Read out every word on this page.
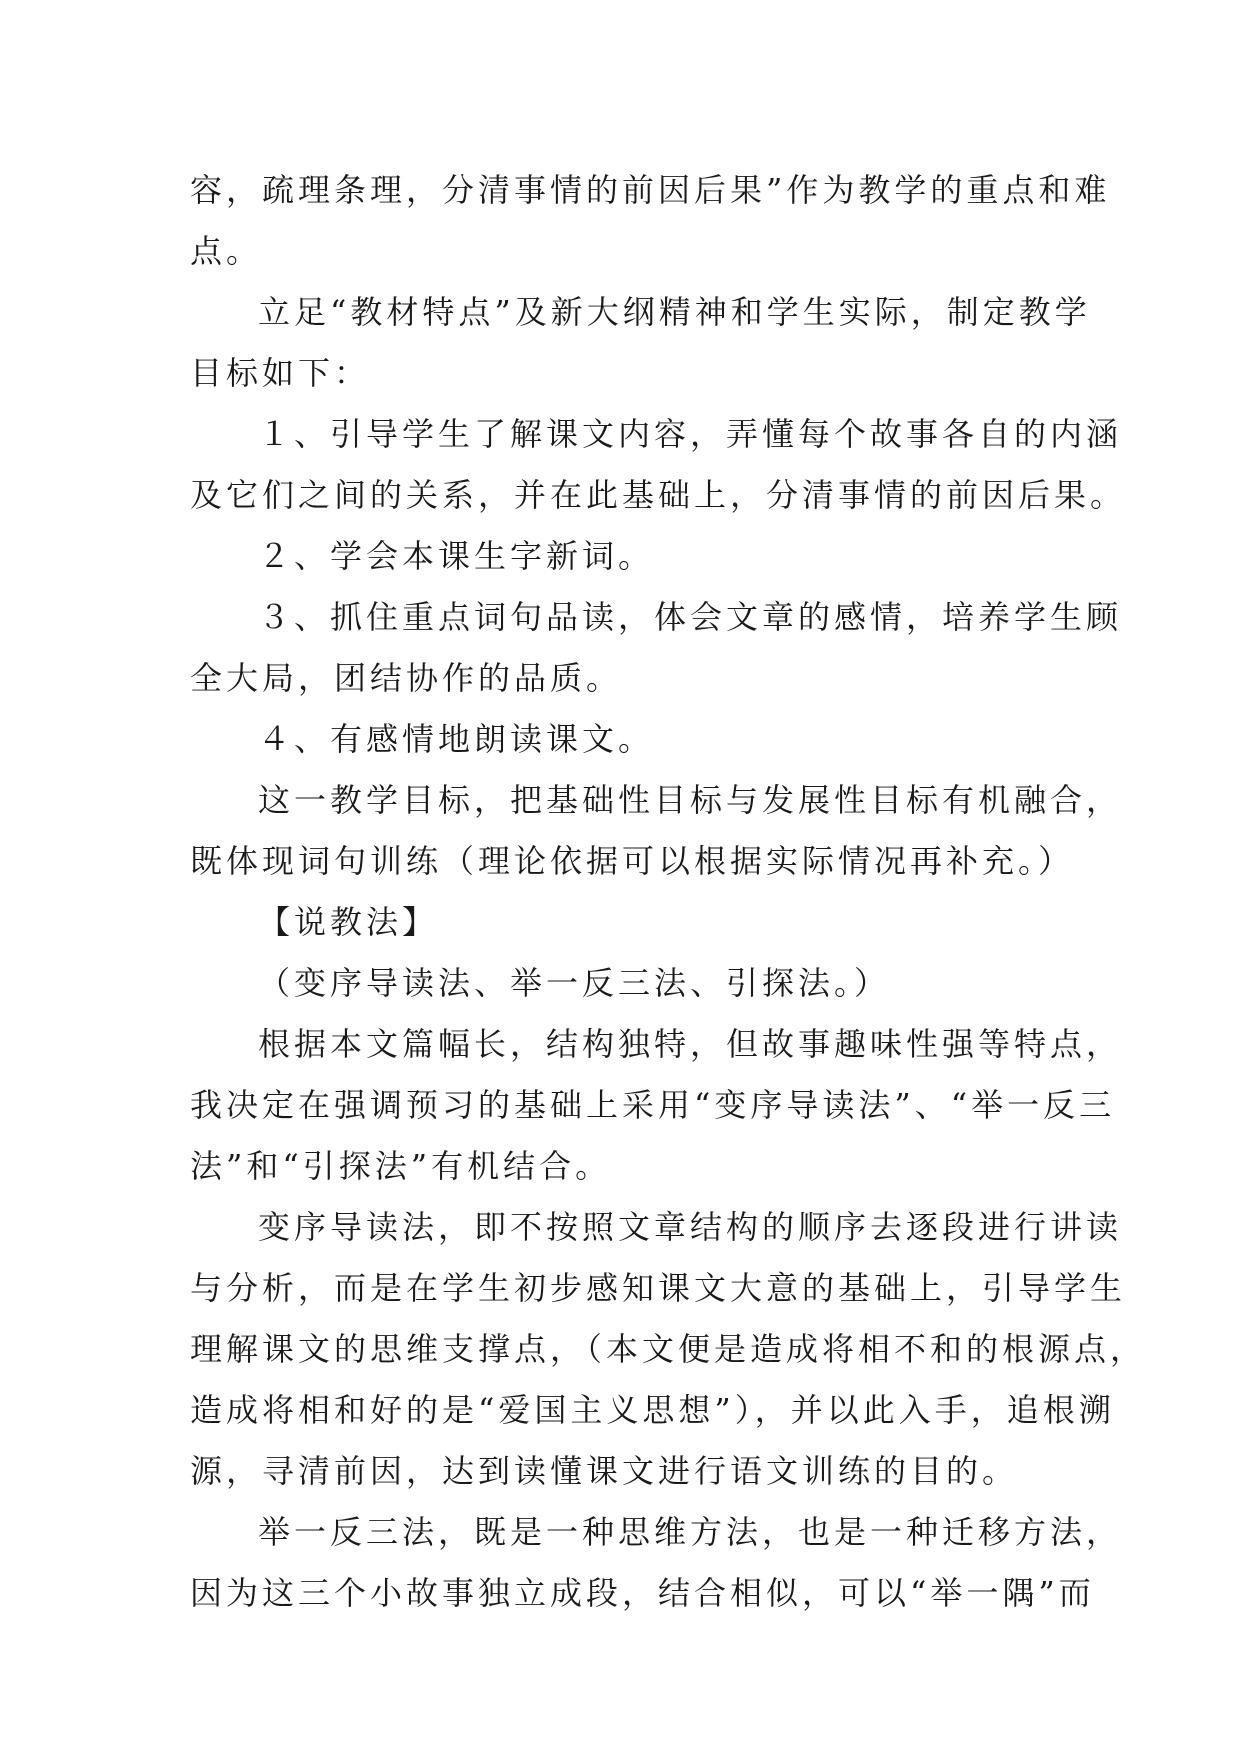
容，疏理条理，分清事情的前因后果”作为教学的重点和难
点。
立足“教材特点”及新大纲精神和学生实际，制定教学
目标如下：
１、引导学生了解课文内容，弄懂每个故事各自的内涵
及它们之间的关系，并在此基础上，分清事情的前因后果。
２、学会本课生字新词。
３、抓住重点词句品读，体会文章的感情，培养学生顾
全大局，团结协作的品质。
４、有感情地朗读课文。
这一教学目标，把基础性目标与发展性目标有机融合，
既体现词句训练（理论依据可以根据实际情况再补充。）
【说教法】
（变序导读法、举一反三法、引探法。）
根据本文篇幅长，结构独特，但故事趣味性强等特点，
我决定在强调预习的基础上采用“变序导读法”、“举一反三
法”和“引探法”有机结合。
变序导读法，即不按照文章结构的顺序去逐段进行讲读
与分析，而是在学生初步感知课文大意的基础上，引导学生
理解课文的思维支撑点，（本文便是造成将相不和的根源点，
造成将相和好的是“爱国主义思想”），并以此入手，追根溯
源，寻清前因，达到读懂课文进行语文训练的目的。
举一反三法，既是一种思维方法，也是一种迁移方法，
因为这三个小故事独立成段，结合相似，可以“举一隅”而
